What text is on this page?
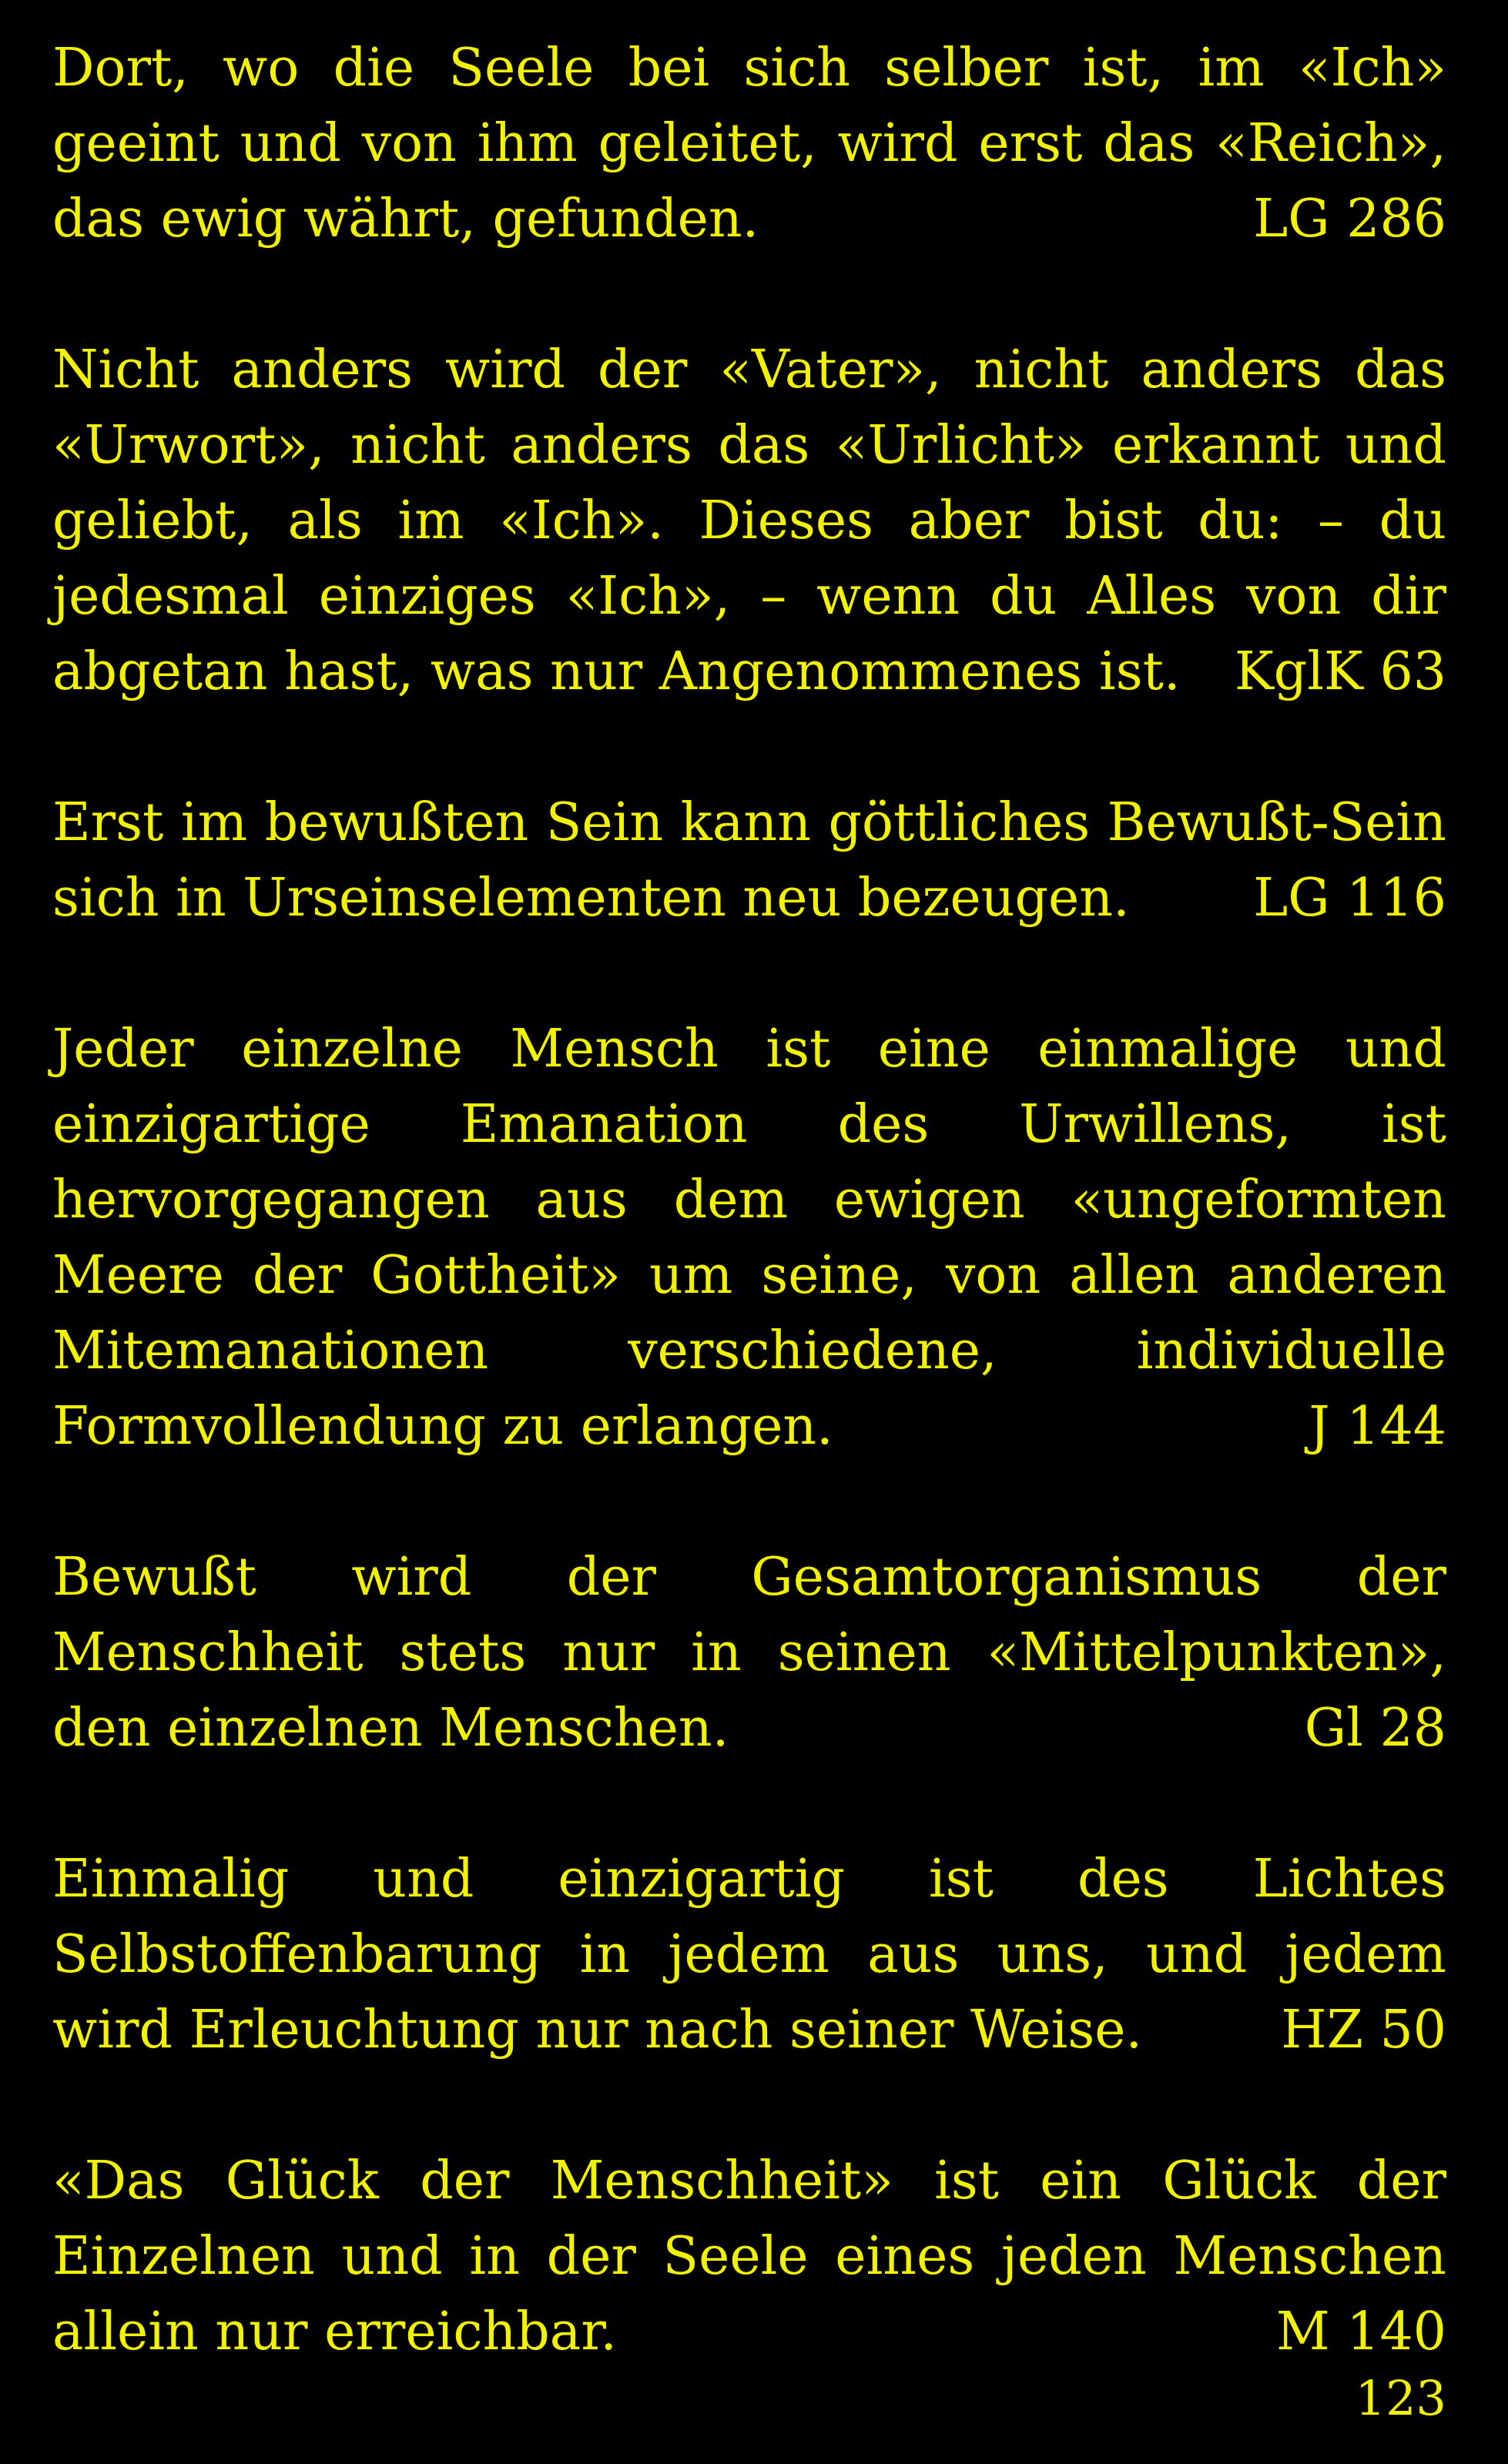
Dort, wo die Seele bei sich selber ist, im «Ich» geeint und von ihm geleitet, wird erst das «Reich», das ewig währt, gefunden.	LG 286

Nicht anders wird der «Vater», nicht anders das «Urwort», nicht anders das «Urlicht» erkannt und geliebt, als im «Ich». Dieses aber bist du: – du jedesmal einziges «Ich», – wenn du Alles von dir abgetan hast, was nur Angenommenes ist. KglK 63

Erst im bewußten Sein kann göttliches Bewußt-Sein sich in Urseinselementen neu bezeugen. LG 116

Jeder einzelne Mensch ist eine einmalige und einzigartige Emanation des Urwillens, ist hervorgegangen aus dem ewigen «ungeformten Meere der Gottheit» um seine, von allen anderen Mitemanationen verschiedene, individuelle Formvollendung zu erlangen.	J 144

Bewußt wird der Gesamtorganismus der Menschheit stets nur in seinen «Mittelpunkten», den einzelnen Menschen.	Gl 28

Einmalig und einzigartig ist des Lichtes Selbstoffenbarung in jedem aus uns, und jedem wird Erleuchtung nur nach seiner Weise.	HZ 50

«Das Glück der Menschheit» ist ein Glück der Einzelnen und in der Seele eines jeden Menschen allein nur erreichbar.	M 140

123
